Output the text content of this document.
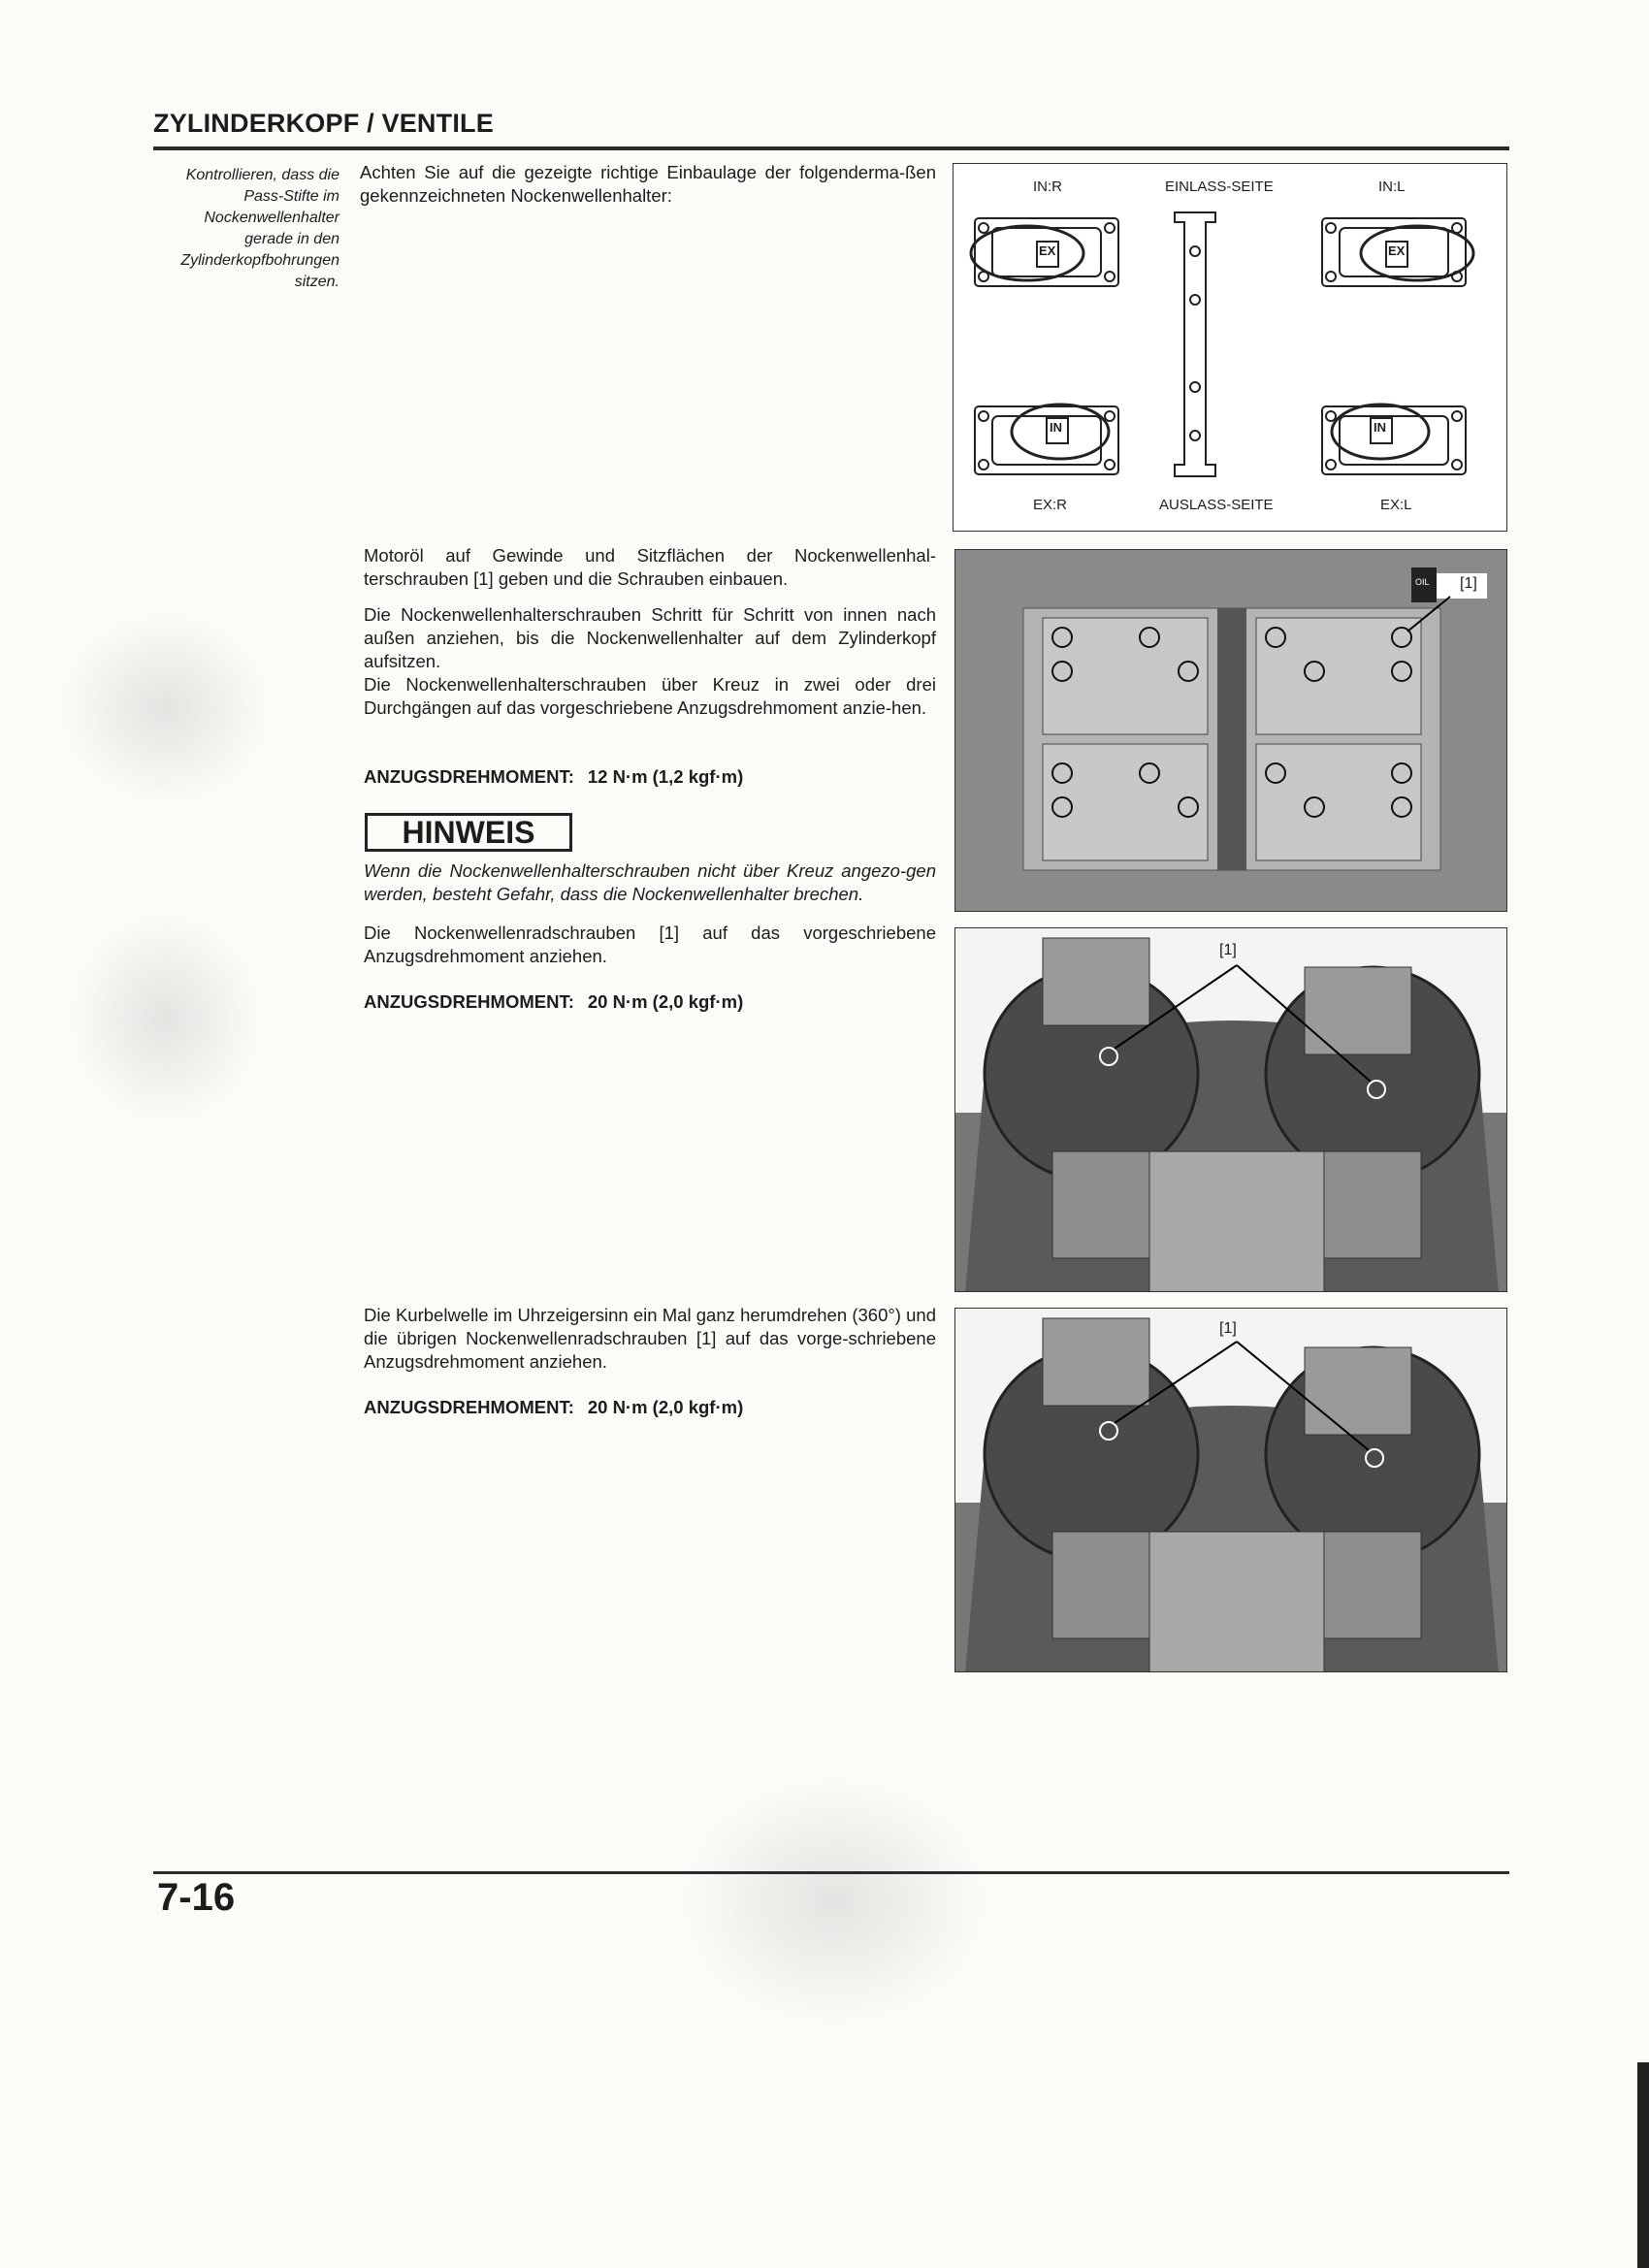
ZYLINDERKOPF / VENTILE
Kontrollieren, dass die Pass-Stifte im Nockenwellenhalter gerade in den Zylinderkopfbohrungen sitzen.
Achten Sie auf die gezeigte richtige Einbaulage der folgenderma-ßen gekennzeichneten Nockenwellenhalter:	IN:R	EINLASS-SEITE	IN:L
EX:R	AUSLASS-SEITE	EX:L
EX	EX
IN	IN
Motoröl auf Gewinde und Sitzflächen der Nockenwellenhal-terschrauben [1] geben und die Schrauben einbauen.
Die Nockenwellenhalterschrauben Schritt für Schritt von innen nach außen anziehen, bis die Nockenwellenhalter auf dem Zylinderkopf aufsitzen.
Die Nockenwellenhalterschrauben über Kreuz in zwei oder drei Durchgängen auf das vorgeschriebene Anzugsdrehmoment anzie-hen.
ANZUGSDREHMOMENT: 12 N·m (1,2 kgf·m)
[1]
OIL
HINWEIS
Wenn die Nockenwellenhalterschrauben nicht über Kreuz angezo-gen werden, besteht Gefahr, dass die Nockenwellenhalter brechen.
Die Nockenwellenradschrauben [1] auf das vorgeschriebene Anzugsdrehmoment anziehen.
ANZUGSDREHMOMENT: 20 N·m (2,0 kgf·m)
[1]
Die Kurbelwelle im Uhrzeigersinn ein Mal ganz herumdrehen (360°) und die übrigen Nockenwellenradschrauben [1] auf das vorge-schriebene Anzugsdrehmoment anziehen.
ANZUGSDREHMOMENT: 20 N·m (2,0 kgf·m)
[1]
7-16
